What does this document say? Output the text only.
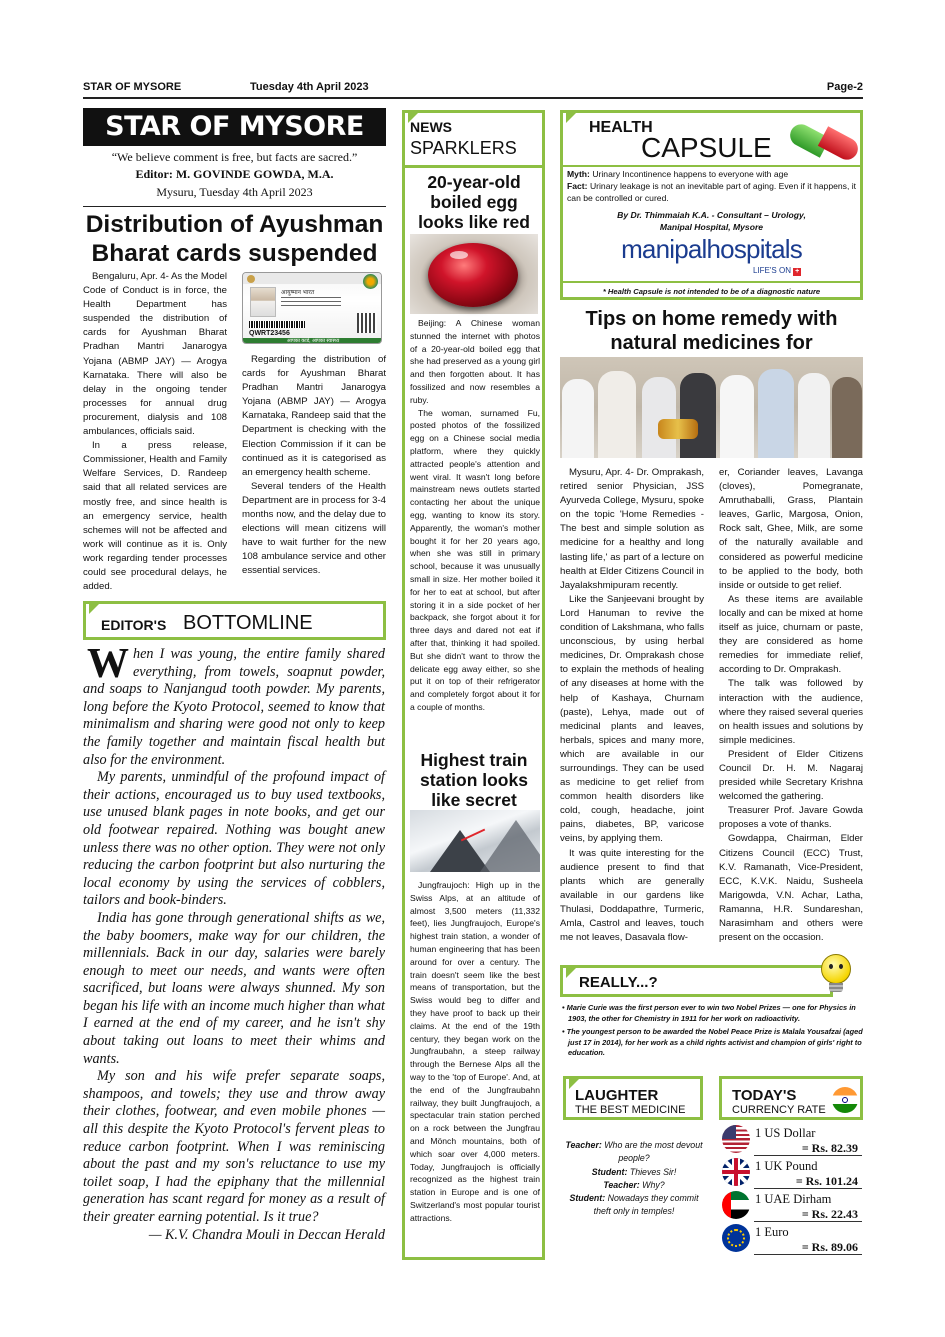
STAR OF MYSORE	Tuesday 4th April 2023	Page-2
STAR OF MYSORE
“We believe comment is free, but facts are sacred.”
Editor: M. GOVINDE GOWDA, M.A.
Mysuru, Tuesday 4th April 2023
Distribution of Ayushman Bharat cards suspended

Bengaluru, Apr. 4- As the Model Code of Conduct is in force, the Health Department has suspended the distribution of cards for Ayushman Bharat Pradhan Mantri Janarogya Yojana (ABMP JAY) — Arogya Karnataka. There will also be delay in the ongoing tender processes for annual drug procurement, dialysis and 108 ambulances, officials said.

In a press release, Commissioner, Health and Family Welfare Services, D. Randeep said that all related services are mostly free, and since health is an emergency service, health schemes will not be affected and work will continue as it is. Only work regarding tender processes could see procedural delays, he added.

आयुष्मान भारत
QWRT23456
आपका कार्ड, आपका स्वास्थ्य

Regarding the distribution of cards for Ayushman Bharat Pradhan Mantri Janarogya Yojana (ABMP JAY) — Arogya Karnataka, Randeep said that the Department is checking with the Election Commission if it can be continued as it is categorised as an emergency health scheme.

Several tenders of the Health Department are in process for 3-4 months now, and the delay due to elections will mean citizens will have to wait further for the new 108 ambulance service and other essential services.

EDITOR'S BOTTOMLINE

When I was young, the entire family shared everything, from towels, soapnut powder, and soaps to Nanjangud tooth powder. My parents, long before the Kyoto Protocol, seemed to know that minimalism and sharing were good not only to keep the family together and maintain fiscal health but also for the environment.

My parents, unmindful of the profound impact of their actions, encouraged us to buy used textbooks, use unused blank pages in note books, and get our old footwear repaired. Nothing was bought anew unless there was no other option. They were not only reducing the carbon footprint but also nurturing the local economy by using the services of cobblers, tailors and book-binders.

India has gone through generational shifts as we, the baby boomers, make way for our children, the millennials. Back in our day, salaries were barely enough to meet our needs, and wants were often sacrificed, but loans were always shunned. My son began his life with an income much higher than what I earned at the end of my career, and he isn't shy about taking out loans to meet their whims and wants.

My son and his wife prefer separate soaps, shampoos, and towels; they use and throw away their clothes, footwear, and even mobile phones — all this despite the Kyoto Protocol's fervent pleas to reduce carbon footprint. When I was reminiscing about the past and my son's reluctance to use my toilet soap, I had the epiphany that the millennial generation has scant regard for money as a result of their greater earning potential. Is it true?

— K.V. Chandra Mouli in Deccan Herald

NEWS
SPARKLERS
20-year-old boiled egg looks like red

Beijing: A Chinese woman stunned the internet with photos of a 20-year-old boiled egg that she had preserved as a young girl and then forgotten about. It has fossilized and now resembles a ruby.

The woman, surnamed Fu, posted photos of the fossilized egg on a Chinese social media platform, where they quickly attracted people's attention and went viral. It wasn't long before mainstream news outlets started contacting her about the unique egg, wanting to know its story. Apparently, the woman's mother bought it for her 20 years ago, when she was still in primary school, because it was unusually small in size. Her mother boiled it for her to eat at school, but after storing it in a side pocket of her backpack, she forgot about it for three days and dared not eat if after that, thinking it had spoiled. But she didn't want to throw the delicate egg away either, so she put it on top of their refrigerator and completely forgot about it for a couple of months.

Highest train station looks like secret

Jungfraujoch: High up in the Swiss Alps, at an altitude of almost 3,500 meters (11,332 feet), lies Jungfraujoch, Europe's highest train station, a wonder of human engineering that has been around for over a century. The train doesn't seem like the best means of transportation, but the Swiss would beg to differ and they have proof to back up their claims. At the end of the 19th century, they began work on the Jungfraubahn, a steep railway through the Bernese Alps all the way to the 'top of Europe'. And, at the end of the Jungfraubahn railway, they built Jungfraujoch, a spectacular train station perched on a rock between the Jungfrau and Mönch mountains, both of which soar over 4,000 meters. Today, Jungfraujoch is officially recognized as the highest train station in Europe and is one of Switzerland's most popular tourist attractions.

HEALTH
CAPSULE
Myth: Urinary Incontinence happens to everyone with age
Fact: Urinary leakage is not an inevitable part of aging. Even if it happens, it can be controlled or cured.
By Dr. Thimmaiah K.A. - Consultant – Urology,
Manipal Hospital, Mysore
manipalhospitals
LIFE'S ON +
* Health Capsule is not intended to be of a diagnostic nature
Tips on home remedy with natural medicines for

Mysuru, Apr. 4- Dr. Omprakash, retired senior Physician, JSS Ayurveda College, Mysuru, spoke on the topic 'Home Remedies - The best and simple solution as medicine for a healthy and long lasting life,' as part of a lecture on health at Elder Citizens Council in Jayalakshmipuram recently.

Like the Sanjeevani brought by Lord Hanuman to revive the condition of Lakshmana, who falls unconscious, by using herbal medicines, Dr. Omprakash chose to explain the methods of healing of any diseases at home with the help of Kashaya, Churnam (paste), Lehya, made out of medicinal plants and leaves, herbals, spices and many more, which are available in our surroundings. They can be used as medicine to get relief from common health disorders like cold, cough, headache, joint pains, diabetes, BP, varicose veins, by applying them.

It was quite interesting for the audience present to find that plants which are generally available in our gardens like Thulasi, Doddapathre, Turmeric, Amla, Castrol and leaves, touch me not leaves, Dasavala flow-

er, Coriander leaves, Lavanga (cloves), Pomegranate, Amruthaballi, Grass, Plantain leaves, Garlic, Margosa, Onion, Rock salt, Ghee, Milk, are some of the naturally available and considered as powerful medicine to be applied to the body, both inside or outside to get relief.

As these items are available locally and can be mixed at home itself as juice, churnam or paste, they are considered as home remedies for immediate relief, according to Dr. Omprakash.

The talk was followed by interaction with the audience, where they raised several queries on health issues and solutions by simple medicines.

President of Elder Citizens Council Dr. H. M. Nagaraj presided while Secretary Krishna welcomed the gathering.

Treasurer Prof. Javare Gowda proposes a vote of thanks.

Gowdappa, Chairman, Elder Citizens Council (ECC) Trust, K.V. Ramanath, Vice-President, ECC, K.V.K. Naidu, Susheela Marigowda, V.N. Achar, Latha, Ramanna, H.R. Sundareshan, Narasimham and others were present on the occasion.

REALLY...?
• Marie Curie was the first person ever to win two Nobel Prizes — one for Physics in 1903, the other for Chemistry in 1911 for her work on radioactivity.
• The youngest person to be awarded the Nobel Peace Prize is Malala Yousafzai (aged just 17 in 2014), for her work as a child rights activist and champion of girls' right to education.
LAUGHTER
THE BEST MEDICINE
Teacher: Who are the most devout people?
Student: Thieves Sir!
Teacher: Why?
Student: Nowadays they commit theft only in temples!
TODAY'S
CURRENCY RATE
1 US Dollar
= Rs. 82.39
1 UK Pound
= Rs. 101.24
1 UAE Dirham
= Rs. 22.43
1 Euro
= Rs. 89.06
